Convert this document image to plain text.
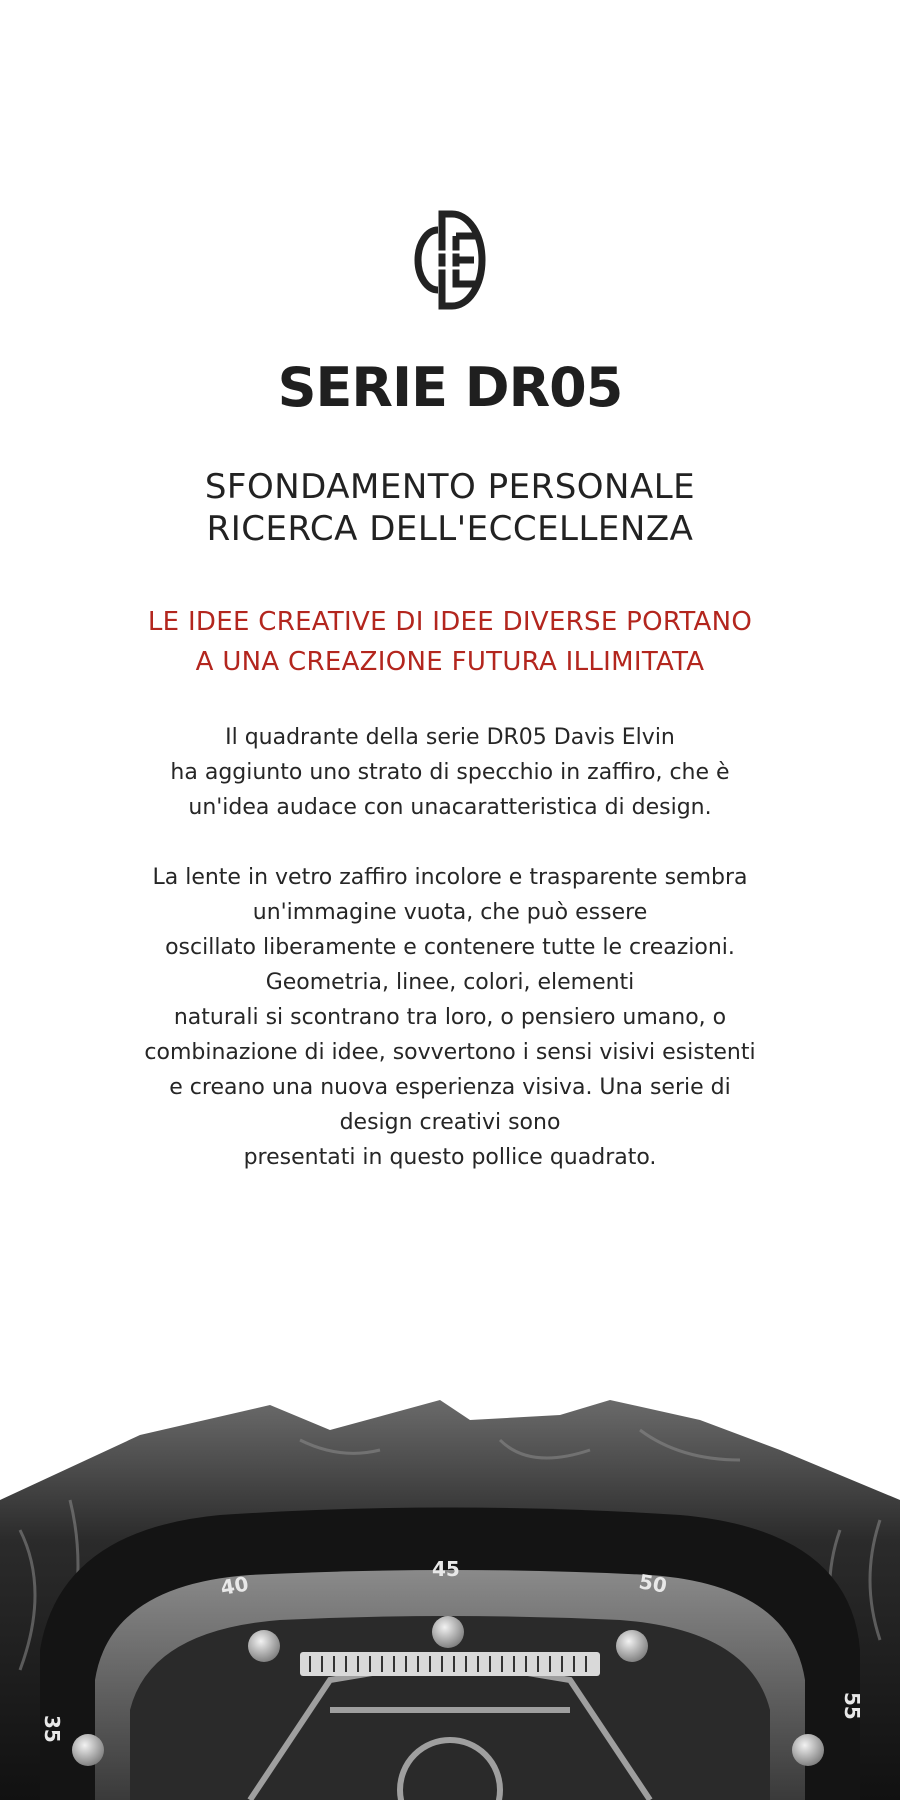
SERIE DR05
SFONDAMENTO PERSONALE
RICERCA DELL'ECCELLENZA
LE IDEE CREATIVE DI IDEE DIVERSE PORTANO
A UNA CREAZIONE FUTURA ILLIMITATA
Il quadrante della serie DR05 Davis Elvin
ha aggiunto uno strato di specchio in zaffiro, che è
un'idea audace con unacaratteristica di design.
La lente in vetro zaffiro incolore e trasparente sembra
un'immagine vuota, che può essere
oscillato liberamente e contenere tutte le creazioni.
Geometria, linee, colori, elementi
naturali si scontrano tra loro, o pensiero umano, o
combinazione di idee, sovvertono i sensi visivi esistenti
e creano una nuova esperienza visiva. Una serie di
design creativi sono
presentati in questo pollice quadrato.
35
40
45
50
55
